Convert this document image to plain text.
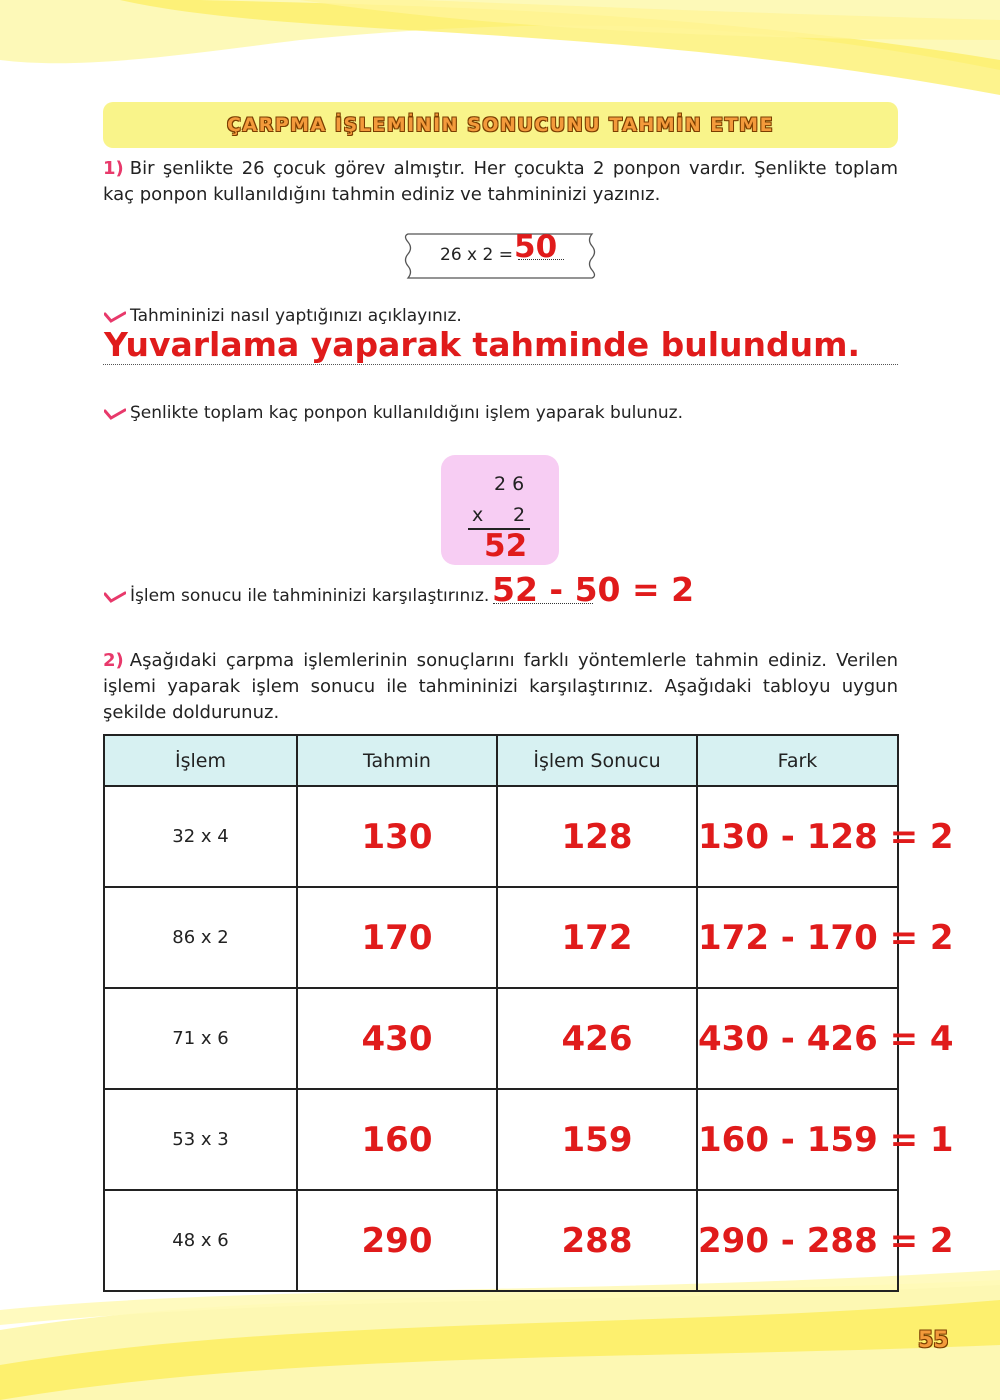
ÇARPMA İŞLEMİNİN SONUCUNU TAHMİN ETME
1) Bir şenlikte 26 çocuk görev almıştır. Her çocukta 2 ponpon vardır. Şenlikte toplam kaç ponpon kullanıldığını tahmin ediniz ve tahmininizi yazınız.
26 x 2 = 50
Tahmininizi nasıl yaptığınızı açıklayınız.
Yuvarlama yaparak tahminde bulundum.
Şenlikte toplam kaç ponpon kullanıldığını işlem yaparak bulunuz.
2 6
x 2
52
İşlem sonucu ile tahmininizi karşılaştırınız. 52 - 50 = 2
2) Aşağıdaki çarpma işlemlerinin sonuçlarını farklı yöntemlerle tahmin ediniz. Verilen işlemi yaparak işlem sonucu ile tahmininizi karşılaştırınız. Aşağıdaki tabloyu uygun şekilde doldurunuz.
İşlem	Tahmin	İşlem Sonucu	Fark
32 x 4	130	128	130 - 128 = 2
86 x 2	170	172	172 - 170 = 2
71 x 6	430	426	430 - 426 = 4
53 x 3	160	159	160 - 159 = 1
48 x 6	290	288	290 - 288 = 2
55
